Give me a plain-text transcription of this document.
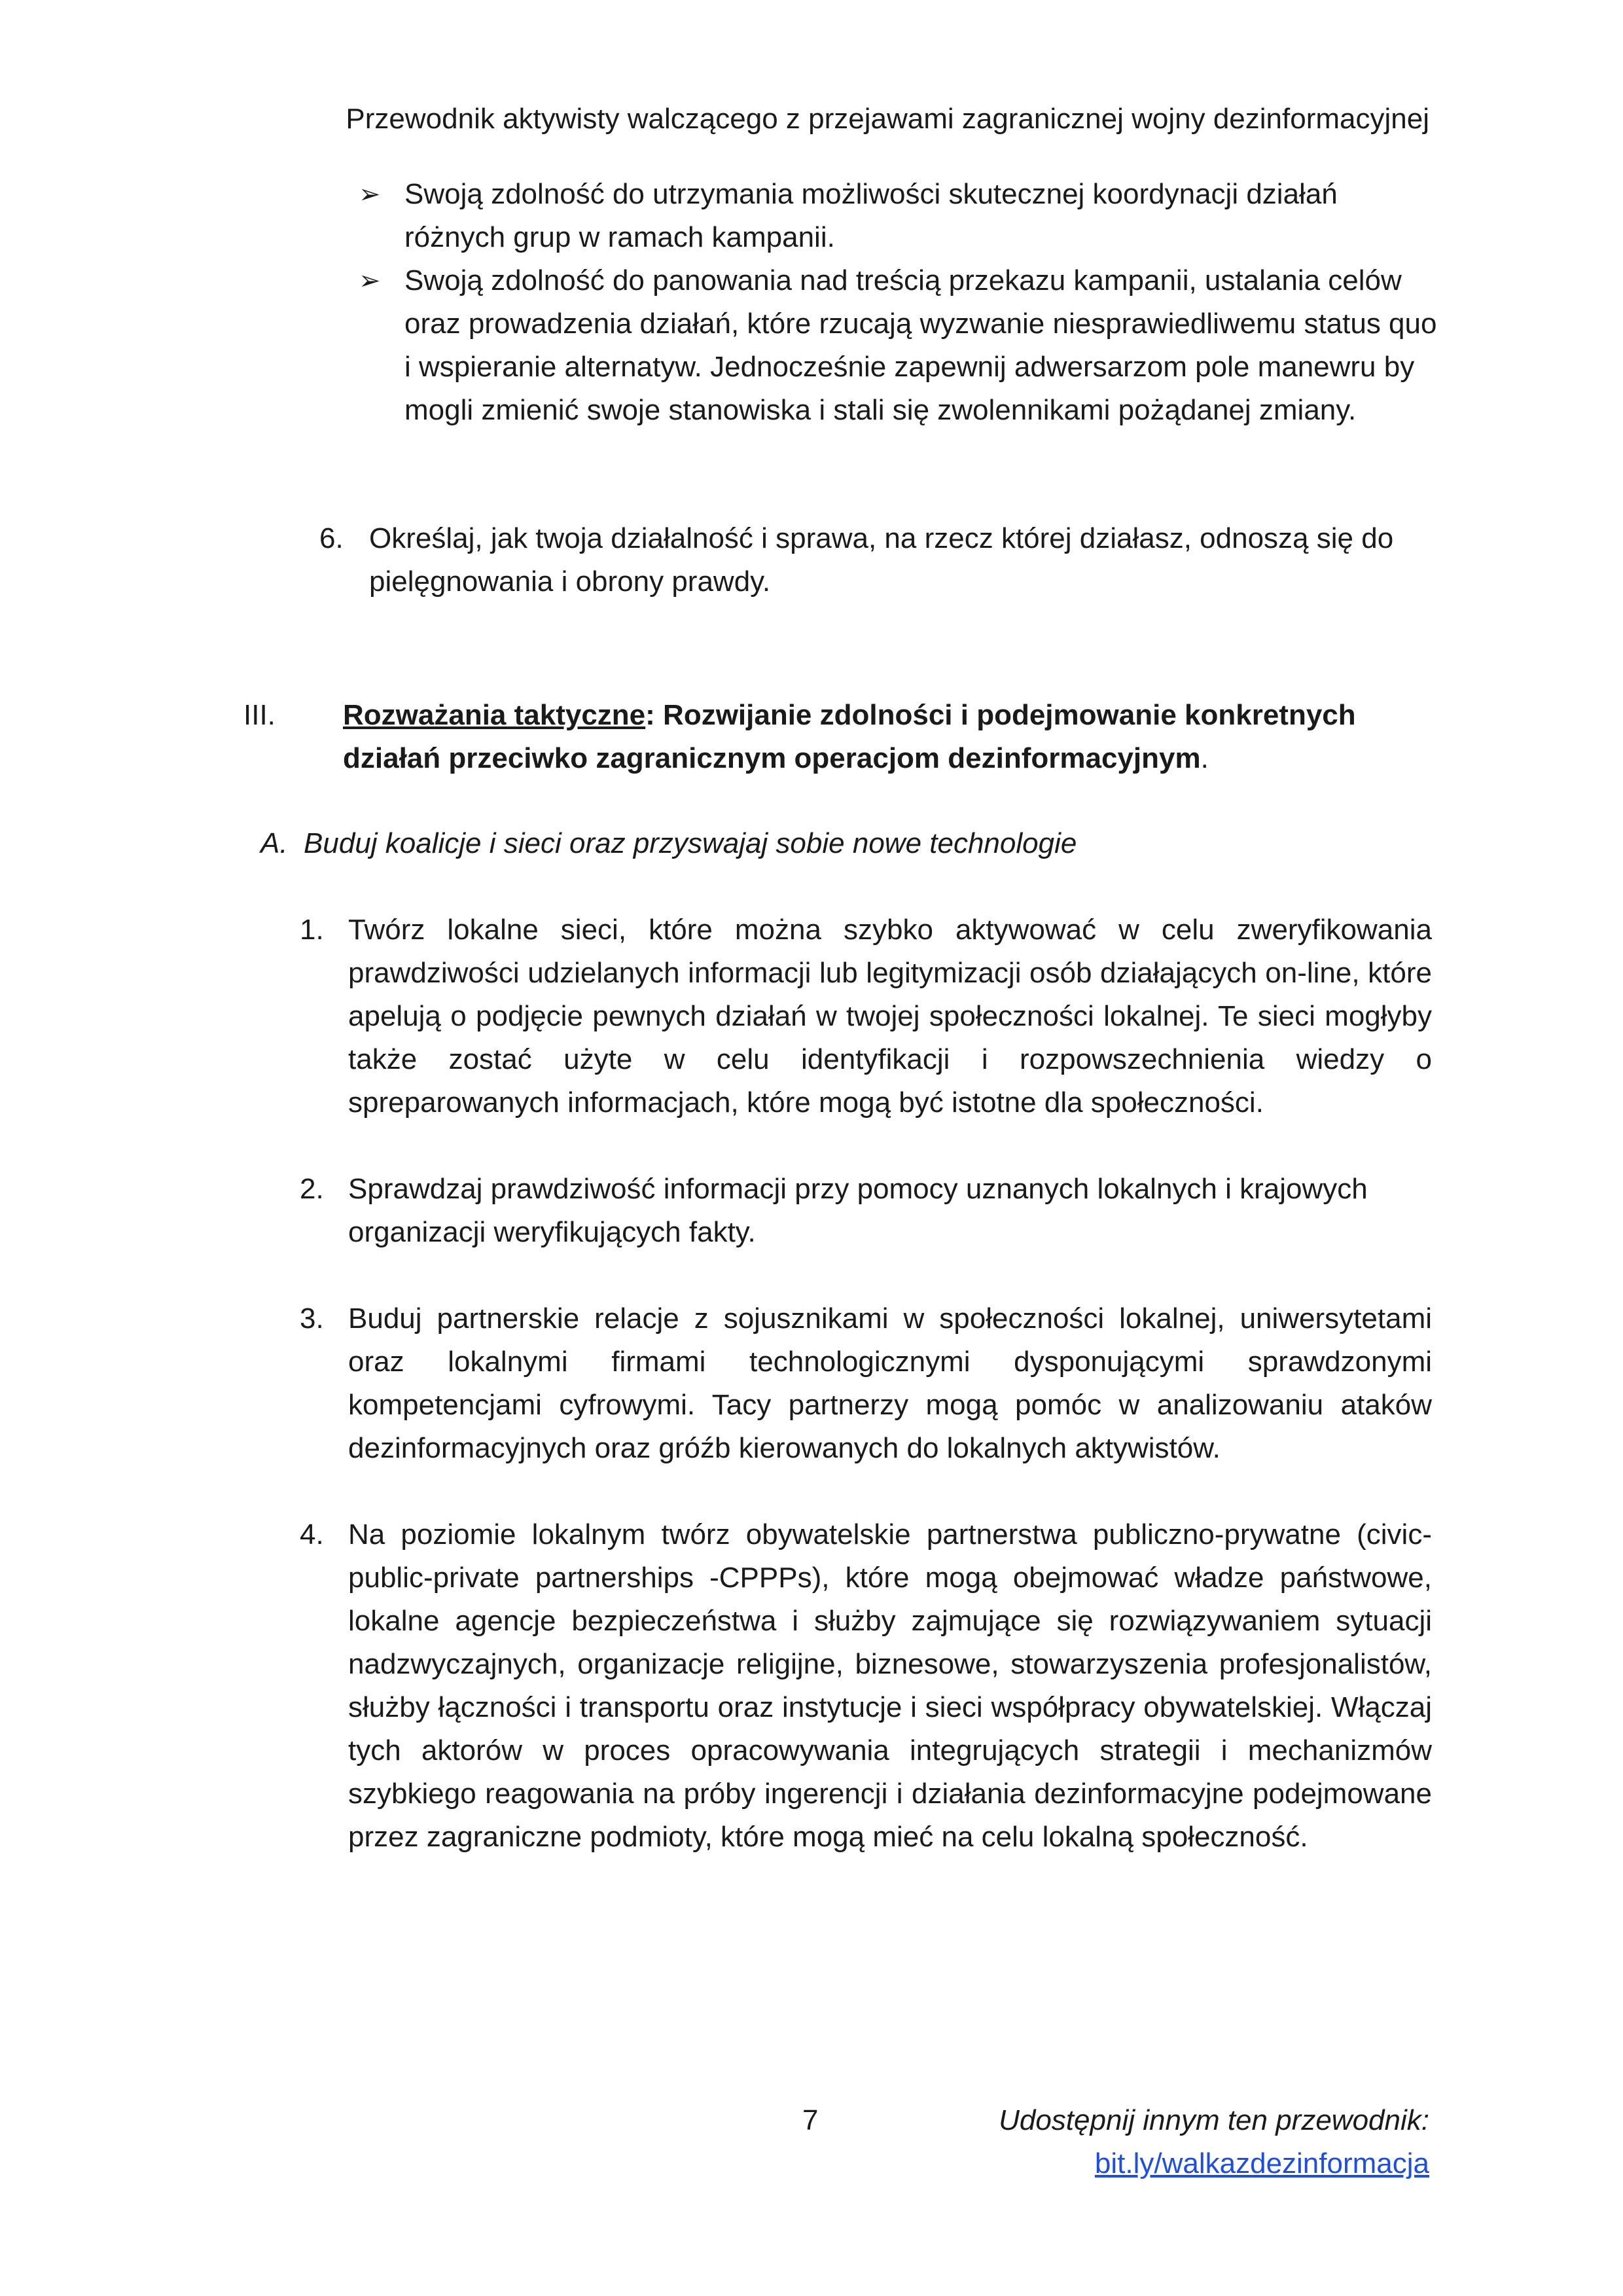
Przewodnik aktywisty walczącego z przejawami zagranicznej wojny dezinformacyjnej
➢ Swoją zdolność do utrzymania możliwości skutecznej koordynacji działań różnych grup w ramach kampanii.
➢ Swoją zdolność do panowania nad treścią przekazu kampanii, ustalania celów oraz prowadzenia działań, które rzucają wyzwanie niesprawiedliwemu status quo i wspieranie alternatyw. Jednocześnie zapewnij adwersarzom pole manewru by mogli zmienić swoje stanowiska i stali się zwolennikami pożądanej zmiany.
6. Określaj, jak twoja działalność i sprawa, na rzecz której działasz, odnoszą się do pielęgnowania i obrony prawdy.
III. Rozważania taktyczne: Rozwijanie zdolności i podejmowanie konkretnych działań przeciwko zagranicznym operacjom dezinformacyjnym.
A. Buduj koalicje i sieci oraz przyswajaj sobie nowe technologie
1. Twórz lokalne sieci, które można szybko aktywować w celu zweryfikowania prawdziwości udzielanych informacji lub legitymizacji osób działających on-line, które apelują o podjęcie pewnych działań w twojej społeczności lokalnej. Te sieci mogłyby także zostać użyte w celu identyfikacji i rozpowszechnienia wiedzy o spreparowanych informacjach, które mogą być istotne dla społeczności.
2. Sprawdzaj prawdziwość informacji przy pomocy uznanych lokalnych i krajowych organizacji weryfikujących fakty.
3. Buduj partnerskie relacje z sojusznikami w społeczności lokalnej, uniwersytetami oraz lokalnymi firmami technologicznymi dysponującymi sprawdzonymi kompetencjami cyfrowymi. Tacy partnerzy mogą pomóc w analizowaniu ataków dezinformacyjnych oraz gróźb kierowanych do lokalnych aktywistów.
4. Na poziomie lokalnym twórz obywatelskie partnerstwa publiczno-prywatne (civic-public-private partnerships -CPPPs), które mogą obejmować władze państwowe, lokalne agencje bezpieczeństwa i służby zajmujące się rozwiązywaniem sytuacji nadzwyczajnych, organizacje religijne, biznesowe, stowarzyszenia profesjonalistów, służby łączności i transportu oraz instytucje i sieci współpracy obywatelskiej. Włączaj tych aktorów w proces opracowywania integrujących strategii i mechanizmów szybkiego reagowania na próby ingerencji i działania dezinformacyjne podejmowane przez zagraniczne podmioty, które mogą mieć na celu lokalną społeczność.
7	Udostępnij innym ten przewodnik:
bit.ly/walkazdezinformacja
